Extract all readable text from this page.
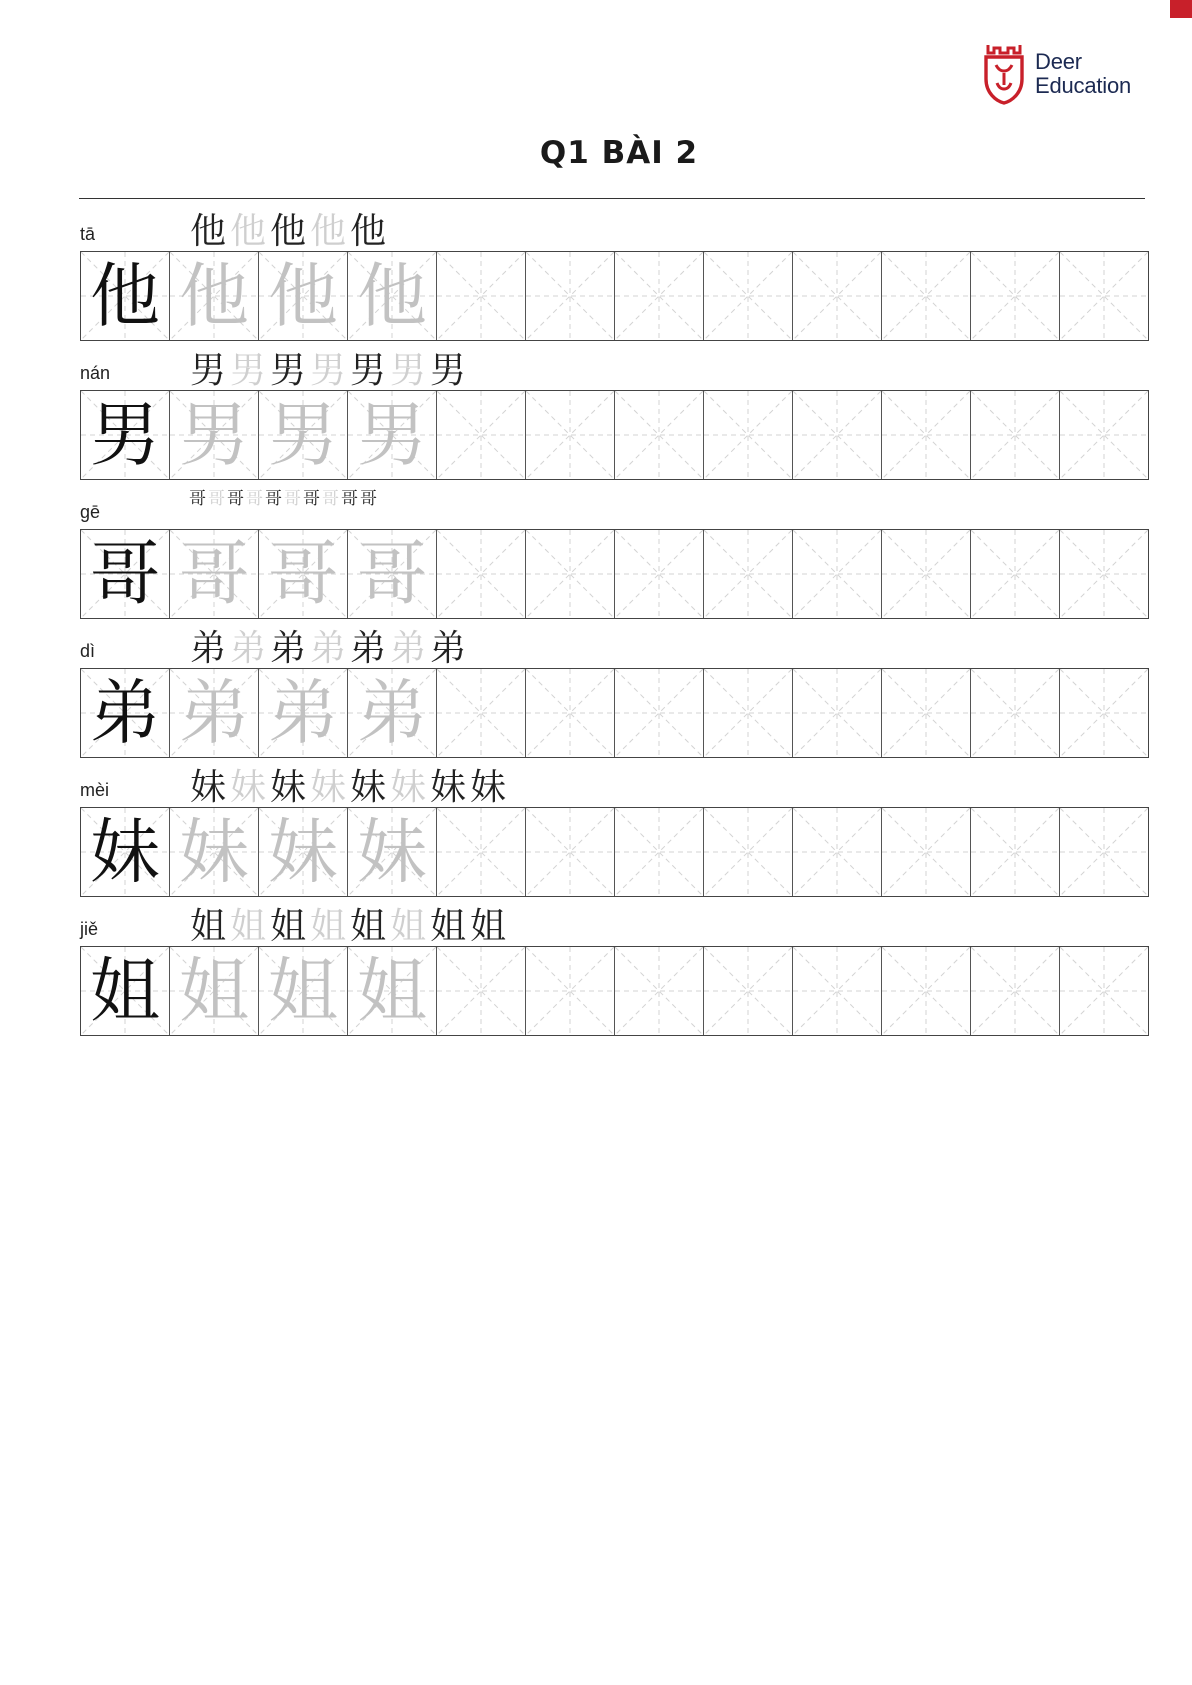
Deer
Education
Q1 BÀI 2
tā	他 他 他 他 他
他 他 他 他
nán 男 男 男 男 男 男 男
男 男 男 男
gē
哥 哥 哥 哥 哥 哥 哥 哥 哥 哥
哥 哥 哥 哥
dì	弟 弟 弟 弟 弟 弟 弟
弟 弟 弟 弟
mèi 妹 妹 妹 妹 妹 妹 妹 妹
妹 妹 妹 妹
jiě	姐 姐 姐 姐 姐 姐 姐 姐
姐 姐 姐 姐
